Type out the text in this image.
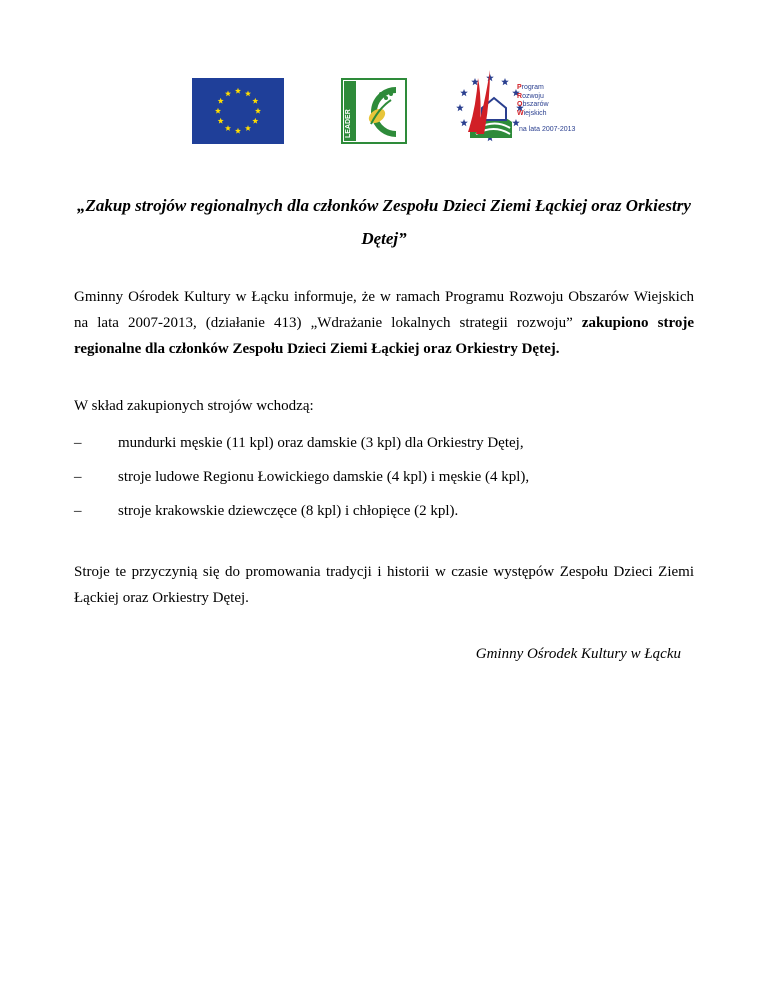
LEADER
Program
Rozwoju
Obszarów
Wiejskich
na lata 2007-2013
„Zakup strojów regionalnych dla członków Zespołu Dzieci Ziemi Łąckiej oraz Orkiestry Dętej”
Gminny Ośrodek Kultury w Łącku informuje, że w ramach Programu Rozwoju Obszarów Wiejskich na lata 2007-2013, (działanie 413) „Wdrażanie lokalnych strategii rozwoju” zakupiono stroje regionalne dla członków Zespołu Dzieci Ziemi Łąckiej oraz Orkiestry Dętej.
W skład zakupionych strojów wchodzą:
– mundurki męskie (11 kpl) oraz damskie (3 kpl) dla Orkiestry Dętej,
– stroje ludowe Regionu Łowickiego damskie (4 kpl) i męskie (4 kpl),
– stroje krakowskie dziewczęce (8 kpl) i chłopięce (2 kpl).
Stroje te przyczynią się do promowania tradycji i historii w czasie występów Zespołu Dzieci Ziemi Łąckiej oraz Orkiestry Dętej.
Gminny Ośrodek Kultury w Łącku
